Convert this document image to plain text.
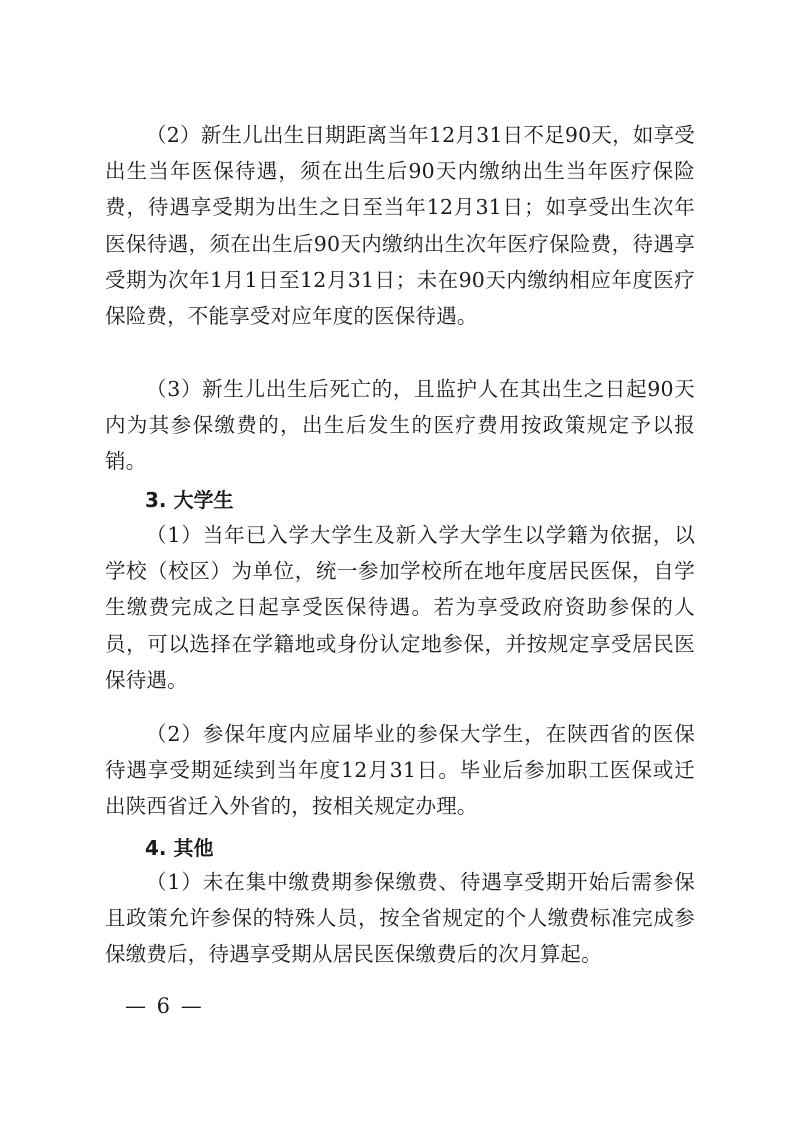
（2）新生儿出生日期距离当年12月31日不足90天，如享受出生当年医保待遇，须在出生后90天内缴纳出生当年医疗保险费，待遇享受期为出生之日至当年12月31日；如享受出生次年医保待遇，须在出生后90天内缴纳出生次年医疗保险费，待遇享受期为次年1月1日至12月31日；未在90天内缴纳相应年度医疗保险费，不能享受对应年度的医保待遇。

（3）新生儿出生后死亡的，且监护人在其出生之日起90天内为其参保缴费的，出生后发生的医疗费用按政策规定予以报销。

3. 大学生

（1）当年已入学大学生及新入学大学生以学籍为依据，以学校（校区）为单位，统一参加学校所在地年度居民医保，自学生缴费完成之日起享受医保待遇。若为享受政府资助参保的人员，可以选择在学籍地或身份认定地参保，并按规定享受居民医保待遇。

（2）参保年度内应届毕业的参保大学生，在陕西省的医保待遇享受期延续到当年度12月31日。毕业后参加职工医保或迁出陕西省迁入外省的，按相关规定办理。

4. 其他

（1）未在集中缴费期参保缴费、待遇享受期开始后需参保且政策允许参保的特殊人员，按全省规定的个人缴费标准完成参保缴费后，待遇享受期从居民医保缴费后的次月算起。

— 6 —
